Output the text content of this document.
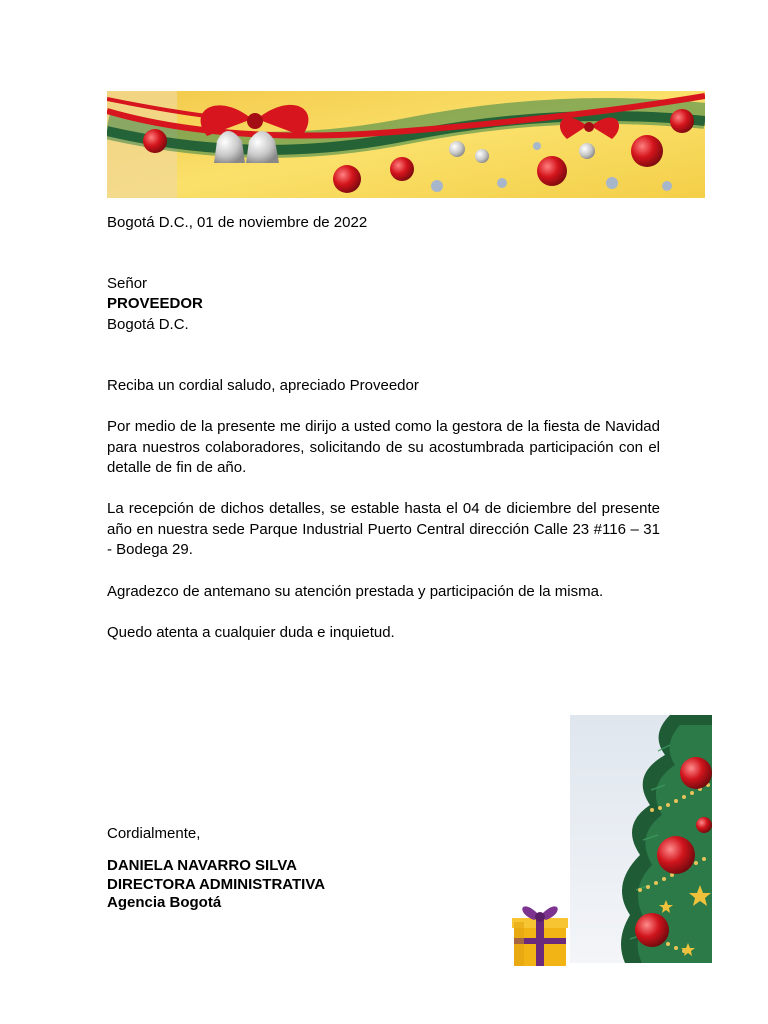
Bogotá D.C., 01 de noviembre de 2022
Señor
PROVEEDOR
Bogotá D.C.
Reciba un cordial saludo, apreciado Proveedor
Por medio de la presente me dirijo a usted como la gestora de la fiesta de Navidad para nuestros colaboradores, solicitando de su acostumbrada participación con el detalle de fin de año.
La recepción de dichos detalles, se estable hasta el 04 de diciembre del presente año en nuestra sede Parque Industrial Puerto Central dirección Calle 23 #116 – 31 - Bodega 29.
Agradezco de antemano su atención prestada y participación de la misma.
Quedo atenta a cualquier duda e inquietud.
Cordialmente,
DANIELA NAVARRO SILVA
DIRECTORA ADMINISTRATIVA
Agencia Bogotá
